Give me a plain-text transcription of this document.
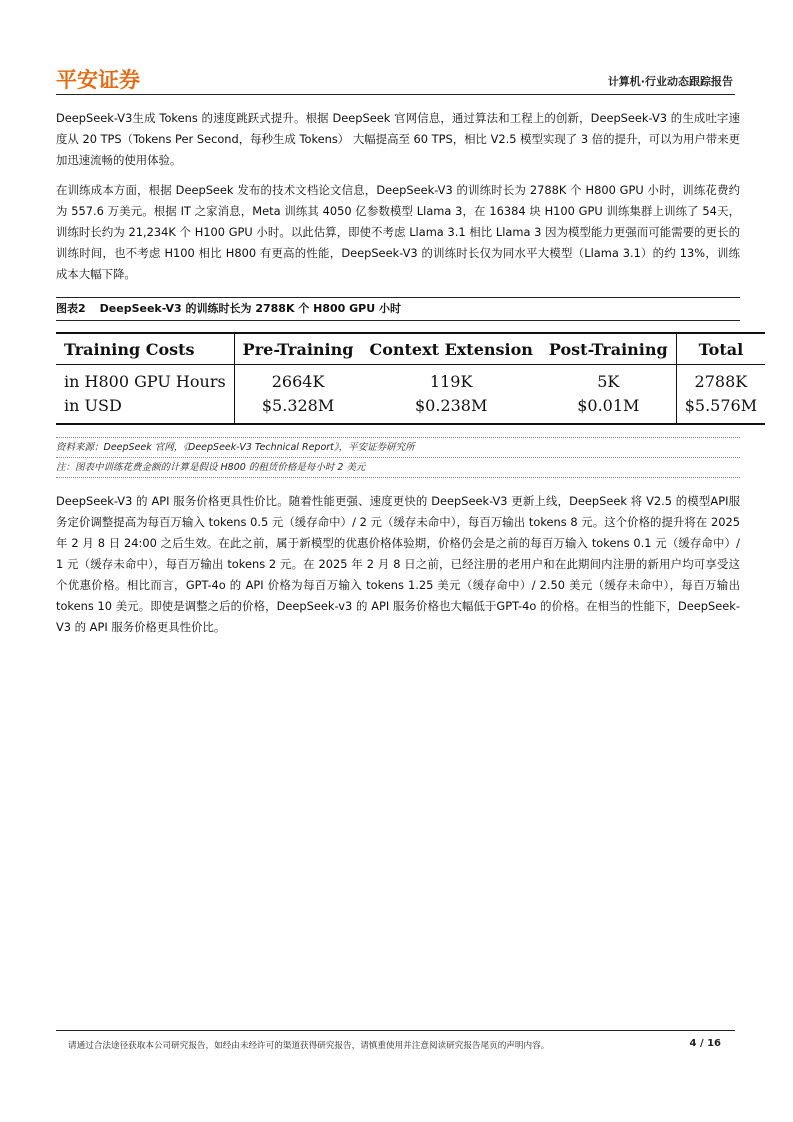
平安证券	计算机·行业动态跟踪报告

DeepSeek-V3生成 Tokens 的速度跳跃式提升。根据 DeepSeek 官网信息，通过算法和工程上的创新，DeepSeek-V3 的生成吐字速度从 20 TPS（Tokens Per Second，每秒生成 Tokens） 大幅提高至 60 TPS，相比 V2.5 模型实现了 3 倍的提升，可以为用户带来更加迅速流畅的使用体验。

在训练成本方面，根据 DeepSeek 发布的技术文档论文信息，DeepSeek-V3 的训练时长为 2788K 个 H800 GPU 小时，训练花费约为 557.6 万美元。根据 IT 之家消息，Meta 训练其 4050 亿参数模型 Llama 3，在 16384 块 H100 GPU 训练集群上训练了 54天，训练时长约为 21,234K 个 H100 GPU 小时。以此估算，即使不考虑 Llama 3.1 相比 Llama 3 因为模型能力更强而可能需要的更长的训练时间，也不考虑 H100 相比 H800 有更高的性能，DeepSeek-V3 的训练时长仅为同水平大模型（Llama 3.1）的约 13%，训练成本大幅下降。

图表2 DeepSeek-V3 的训练时长为 2788K 个 H800 GPU 小时
Training Costs	Pre-Training	Context Extension	Post-Training	Total
in H800 GPU Hours	2664K	119K	5K	2788K
in USD	$5.328M	$0.238M	$0.01M	$5.576M
资料来源：DeepSeek 官网，《DeepSeek-V3 Technical Report》，平安证券研究所
注：图表中训练花费金额的计算是假设 H800 的租赁价格是每小时 2 美元

DeepSeek-V3 的 API 服务价格更具性价比。随着性能更强、速度更快的 DeepSeek-V3 更新上线，DeepSeek 将 V2.5 的模型API服务定价调整提高为每百万输入 tokens 0.5 元（缓存命中）/ 2 元（缓存未命中），每百万输出 tokens 8 元。这个价格的提升将在 2025 年 2 月 8 日 24:00 之后生效。在此之前，属于新模型的优惠价格体验期，价格仍会是之前的每百万输入 tokens 0.1 元（缓存命中）/ 1 元（缓存未命中），每百万输出 tokens 2 元。在 2025 年 2 月 8 日之前，已经注册的老用户和在此期间内注册的新用户均可享受这个优惠价格。相比而言，GPT-4o 的 API 价格为每百万输入 tokens 1.25 美元（缓存命中）/ 2.50 美元（缓存未命中），每百万输出 tokens 10 美元。即使是调整之后的价格，DeepSeek-v3 的 API 服务价格也大幅低于GPT-4o 的价格。在相当的性能下，DeepSeek-V3 的 API 服务价格更具性价比。

请通过合法途径获取本公司研究报告，如经由未经许可的渠道获得研究报告，请慎重使用并注意阅读研究报告尾页的声明内容。	4 / 16
